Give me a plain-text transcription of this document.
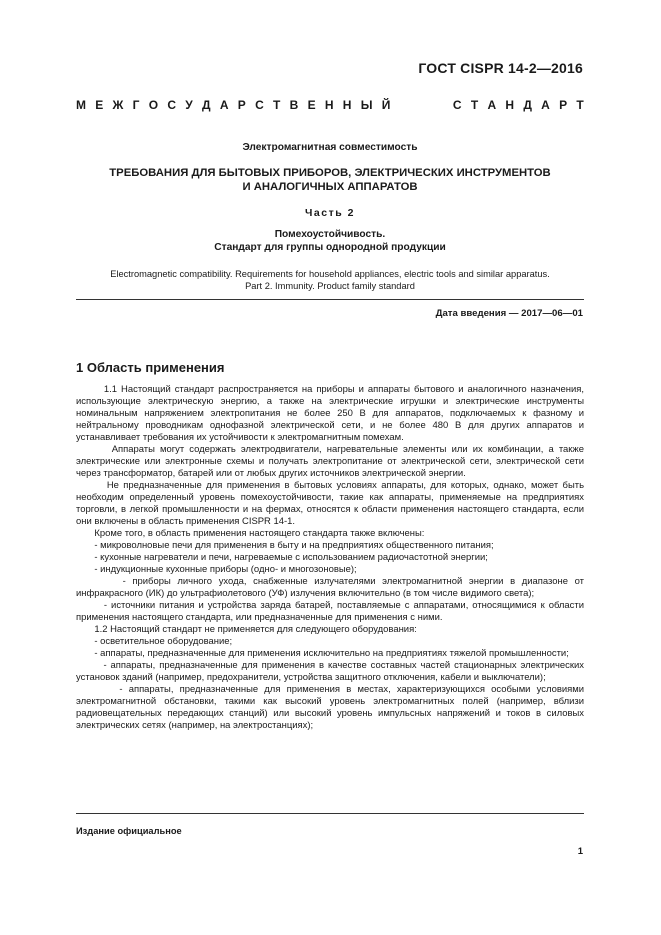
ГОСТ CISPR 14-2—2016
М Е Ж Г О С У Д А Р С Т В Е Н Н Ы Й	С Т А Н Д А Р Т
Электромагнитная совместимость
ТРЕБОВАНИЯ ДЛЯ БЫТОВЫХ ПРИБОРОВ, ЭЛЕКТРИЧЕСКИХ ИНСТРУМЕНТОВ
И АНАЛОГИЧНЫХ АППАРАТОВ
Часть 2
Помехоустойчивость.
Стандарт для группы однородной продукции
Electromagnetic compatibility. Requirements for household appliances, electric tools and similar apparatus.
Part 2. Immunity. Product family standard
Дата введения — 2017—06—01
1 Область применения

1.1 Настоящий стандарт распространяется на приборы и аппараты бытового и аналогичного назначения, использующие электрическую энергию, а также на электрические игрушки и электрические инструменты номинальным напряжением электропитания не более 250 В для аппаратов, подключаемых к фазному и нейтральному проводникам однофазной электрической сети, и не более 480 В для других аппаратов и устанавливает требования их устойчивости к электромагнитным помехам.

Аппараты могут содержать электродвигатели, нагревательные элементы или их комбинации, а также электрические или электронные схемы и получать электропитание от электрической сети, электрической сети через трансформатор, батарей или от любых других источников электрической энергии.

Не предназначенные для применения в бытовых условиях аппараты, для которых, однако, может быть необходим определенный уровень помехоустойчивости, такие как аппараты, применяемые на предприятиях торговли, в легкой промышленности и на фермах, относятся к области применения настоящего стандарта, если они включены в область применения CISPR 14-1.

Кроме того, в область применения настоящего стандарта также включены:

- микроволновые печи для применения в быту и на предприятиях общественного питания;

- кухонные нагреватели и печи, нагреваемые с использованием радиочастотной энергии;

- индукционные кухонные приборы (одно- и многозоновые);

- приборы личного ухода, снабженные излучателями электромагнитной энергии в диапазоне от инфракрасного (ИК) до ультрафиолетового (УФ) излучения включительно (в том числе видимого света);

- источники питания и устройства заряда батарей, поставляемые с аппаратами, относящимися к области применения настоящего стандарта, или предназначенные для применения с ними.

1.2 Настоящий стандарт не применяется для следующего оборудования:

- осветительное оборудование;

- аппараты, предназначенные для применения исключительно на предприятиях тяжелой промышленности;

- аппараты, предназначенные для применения в качестве составных частей стационарных электрических установок зданий (например, предохранители, устройства защитного отключения, кабели и выключатели);

- аппараты, предназначенные для применения в местах, характеризующихся особыми условиями электромагнитной обстановки, такими как высокий уровень электромагнитных полей (например, вблизи радиовещательных передающих станций) или высокий уровень импульсных напряжений и токов в силовых электрических сетях (например, на электростанциях);

Издание официальное
1
